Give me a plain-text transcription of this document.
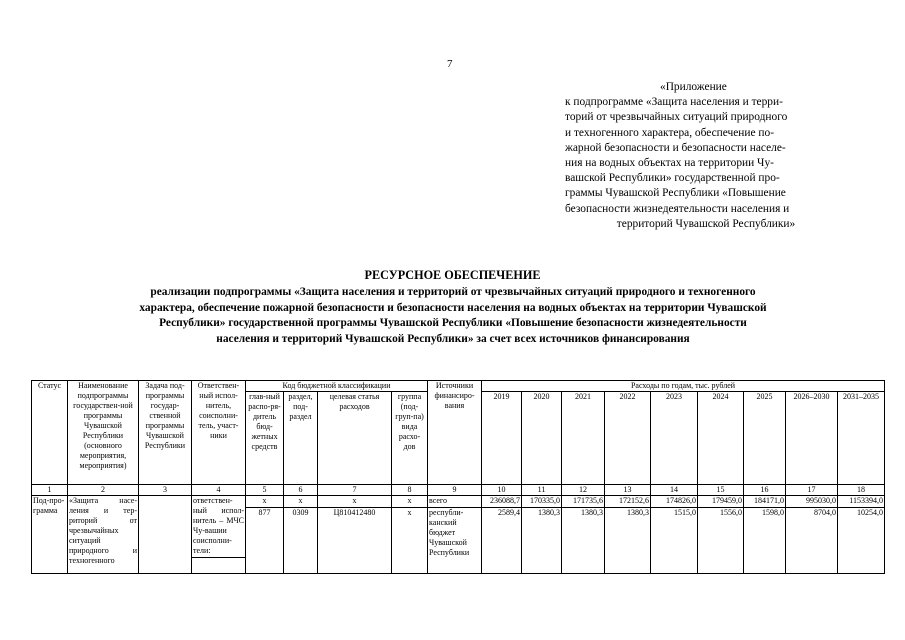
7
«Приложение
к подпрограмме «Защита населения и терри-
торий от чрезвычайных ситуаций природного
и техногенного характера, обеспечение по-
жарной безопасности и безопасности населе-
ния на водных объектах на территории Чу-
вашской Республики» государственной про-
граммы Чувашской Республики «Повышение
безопасности жизнедеятельности населения и
территорий Чувашской Республики»
РЕСУРСНОЕ ОБЕСПЕЧЕНИЕ
реализации подпрограммы «Защита населения и территорий от чрезвычайных ситуаций природного и техногенного
характера, обеспечение пожарной безопасности и безопасности населения на водных объектах на территории Чувашской
Республики» государственной программы Чувашской Республики «Повышение безопасности жизнедеятельности
населения и территорий Чувашской Республики» за счет всех источников финансирования
Статус	Наименование подпрограммы государствен-ной программы Чувашской Республики (основного мероприятия, мероприятия)	Задача под-программы государ-ственной программы Чувашской Республики	Ответствен-ный испол-нитель, соисполни-тель, участ-ники	Код бюджетной классификации				Источники финансиро-вания	Расходы по годам, тыс. рублей								
				глав-ный распо-ря-дитель бюд-жетных средств	раздел, под-раздел	целевая статья расходов	группа (под-груп-па) вида расхо-дов		2019	2020	2021	2022	2023	2024	2025	2026–2030	2031–2035
1	2	3	4	5	6	7	8	9	10	11	12	13	14	15	16	17	18
Под-про-грамма	«Защита насе-ления и тер-риторий от чрезвычайных ситуаций природного и техногенного		ответствен-ный испол-нитель – МЧС Чу-вашии соисполни-тели:	х	х	х	х	всего	236088,7	170335,0	171735,6	172152,6	174826,0	179459,0	184171,0	995030,0	1153394,0
				877	0309	Ц810412480	х	республи-канский бюджет Чувашской Республики	2589,4	1380,3	1380,3	1380,3	1515,0	1556,0	1598,0	8704,0	10254,0
